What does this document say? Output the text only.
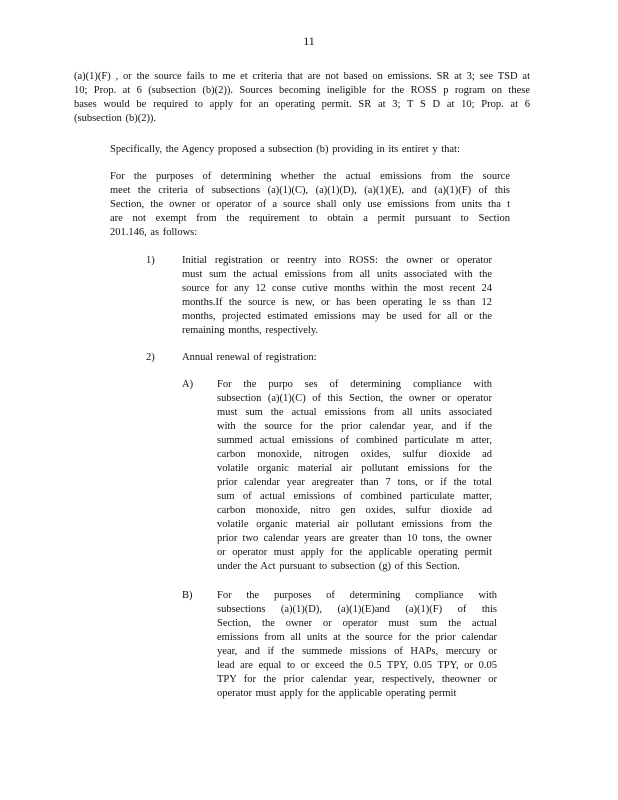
11
(a)(1)(F) , or the source fails to me et criteria that are not based on emissions. SR at 3; see TSD at
10; Prop. at 6 (subsection (b)(2)). Sources becoming ineligible for the ROSS p rogram on these
bases would be required to apply for an operating permit. SR at 3; T S D at 10; Prop. at 6
(subsection (b)(2)).
Specifically, the Agency proposed a subsection (b) providing in its entiret y that:
For the purposes of determining whether the actual emissions from the source
meet the criteria of subsections (a)(1)(C), (a)(1)(D), (a)(1)(E), and (a)(1)(F) of this
Section, the owner or operator of a source shall only use emissions from units tha t
are not exempt from the requirement to obtain a permit pursuant to Section
201.146, as follows:
1)	Initial registration or reentry into ROSS: the owner or operator
must sum the actual emissions from all units associated with the
source for any 12 conse cutive months within the most recent 24
months.If the source is new, or has been operating le ss than 12
months, projected estimated emissions may be used for all or the
remaining months, respectively.
2)	Annual renewal of registration:
A) For the purpo ses of determining compliance with
subsection (a)(1)(C) of this Section, the owner or operator
must sum the actual emissions from all units associated
with the source for the prior calendar year, and if the
summed actual emissions of combined particulate m atter,
carbon monoxide, nitrogen oxides, sulfur dioxide ad
volatile organic material air pollutant emissions for the
prior calendar year aregreater than 7 tons, or if the total
sum of actual emissions of combined particulate matter,
carbon monoxide, nitro gen oxides, sulfur dioxide ad
volatile organic material air pollutant emissions from the
prior two calendar years are greater than 10 tons, the owner
or operator must apply for the applicable operating permit
under the Act pursuant to subsection (g) of this Section.
B) For the purposes of determining compliance with
subsections (a)(1)(D), (a)(1)(E)and (a)(1)(F) of this
Section, the owner or operator must sum the actual
emissions from all units at the source for the prior calendar
year, and if the summede missions of HAPs, mercury or
lead are equal to or exceed the 0.5 TPY, 0.05 TPY, or 0.05
TPY for the prior calendar year, respectively, theowner or
operator must apply for the applicable operating permit
